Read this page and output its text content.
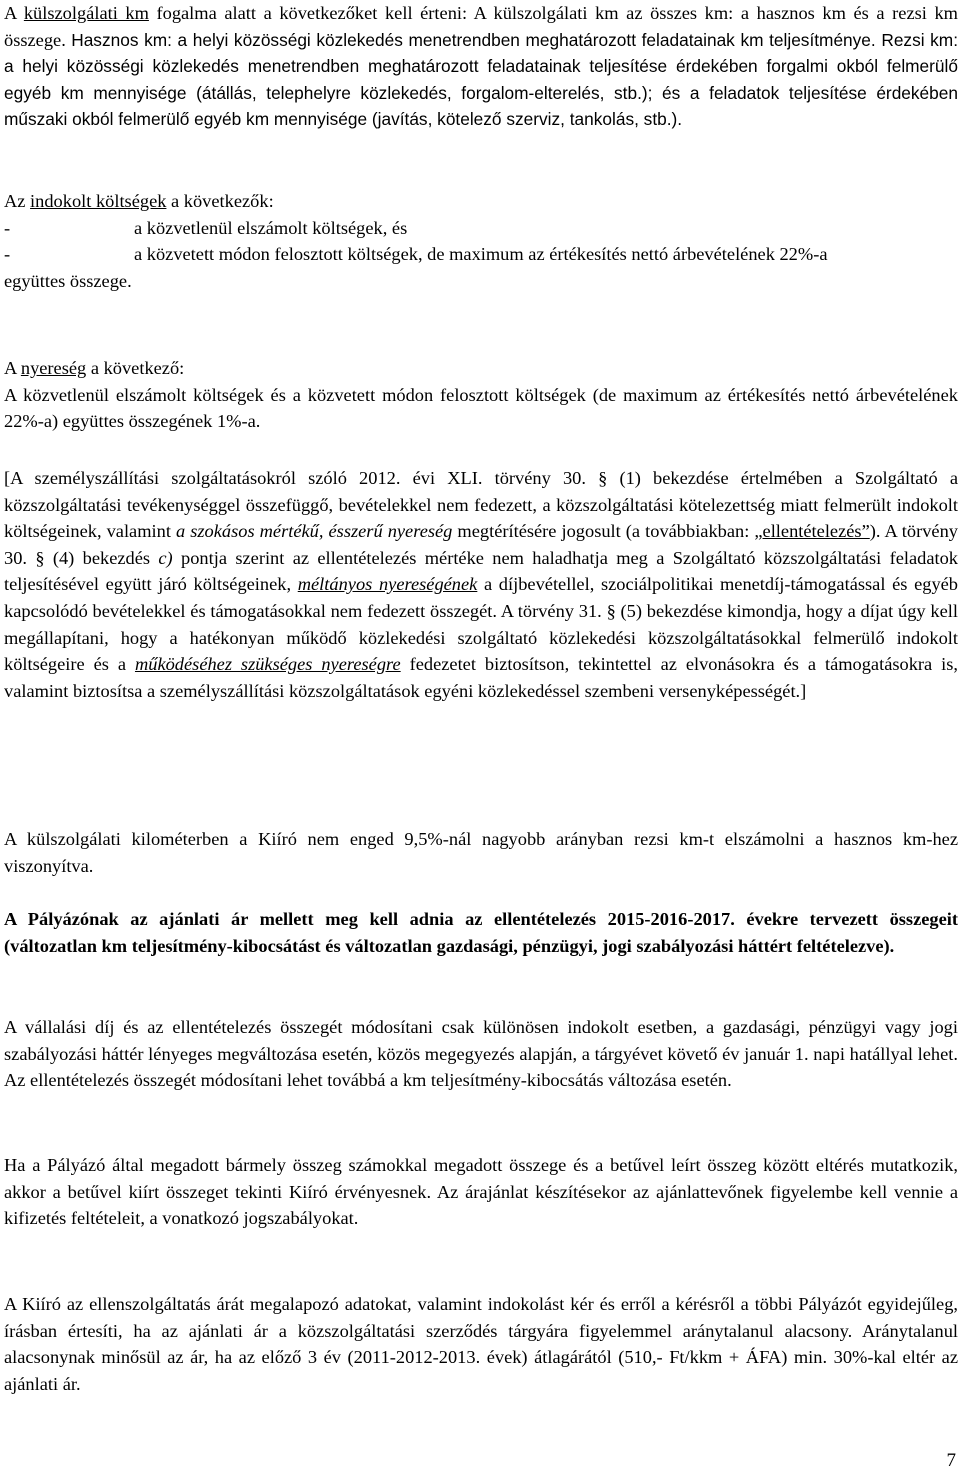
A külszolgálati km fogalma alatt a következőket kell érteni: A külszolgálati km az összes km: a hasznos km és a rezsi km összege. Hasznos km: a helyi közösségi közlekedés menetrendben meghatározott feladatainak km teljesítménye. Rezsi km: a helyi közösségi közlekedés menetrendben meghatározott feladatainak teljesítése érdekében forgalmi okból felmerülő egyéb km mennyisége (átállás, telephelyre közlekedés, forgalom-elterelés, stb.); és a feladatok teljesítése érdekében műszaki okból felmerülő egyéb km mennyisége (javítás, kötelező szerviz, tankolás, stb.).

Az indokolt költségek a következők:

-	a közvetlenül elszámolt költségek, és
-	a közvetett módon felosztott költségek, de maximum az értékesítés nettó árbevételének 22%-a

együttes összege.

A nyereség a következő:

A közvetlenül elszámolt költségek és a közvetett módon felosztott költségek (de maximum az értékesítés nettó árbevételének 22%-a) együttes összegének 1%-a.

[A személyszállítási szolgáltatásokról szóló 2012. évi XLI. törvény 30. § (1) bekezdése értelmében a Szolgáltató a közszolgáltatási tevékenységgel összefüggő, bevételekkel nem fedezett, a közszolgáltatási kötelezettség miatt felmerült indokolt költségeinek, valamint a szokásos mértékű, ésszerű nyereség megtérítésére jogosult (a továbbiakban: „ellentételezés”). A törvény 30. § (4) bekezdés c) pontja szerint az ellentételezés mértéke nem haladhatja meg a Szolgáltató közszolgáltatási feladatok teljesítésével együtt járó költségeinek, méltányos nyereségének a díjbevétellel, szociálpolitikai menetdíj-támogatással és egyéb kapcsolódó bevételekkel és támogatásokkal nem fedezett összegét. A törvény 31. § (5) bekezdése kimondja, hogy a díjat úgy kell megállapítani, hogy a hatékonyan működő közlekedési szolgáltató közlekedési közszolgáltatásokkal felmerülő indokolt költségeire és a működéséhez szükséges nyereségre fedezetet biztosítson, tekintettel az elvonásokra és a támogatásokra is, valamint biztosítsa a személyszállítási közszolgáltatások egyéni közlekedéssel szembeni versenyképességét.]

A külszolgálati kilométerben a Kiíró nem enged 9,5%-nál nagyobb arányban rezsi km-t elszámolni a hasznos km-hez viszonyítva.

A Pályázónak az ajánlati ár mellett meg kell adnia az ellentételezés 2015-2016-2017. évekre tervezett összegeit (változatlan km teljesítmény-kibocsátást és változatlan gazdasági, pénzügyi, jogi szabályozási háttért feltételezve).

A vállalási díj és az ellentételezés összegét módosítani csak különösen indokolt esetben, a gazdasági, pénzügyi vagy jogi szabályozási háttér lényeges megváltozása esetén, közös megegyezés alapján, a tárgyévet követő év január 1. napi hatállyal lehet. Az ellentételezés összegét módosítani lehet továbbá a km teljesítmény-kibocsátás változása esetén.

Ha a Pályázó által megadott bármely összeg számokkal megadott összege és a betűvel leírt összeg között eltérés mutatkozik, akkor a betűvel kiírt összeget tekinti Kiíró érvényesnek. Az árajánlat készítésekor az ajánlattevőnek figyelembe kell vennie a kifizetés feltételeit, a vonatkozó jogszabályokat.

A Kiíró az ellenszolgáltatás árát megalapozó adatokat, valamint indokolást kér és erről a kérésről a többi Pályázót egyidejűleg, írásban értesíti, ha az ajánlati ár a közszolgáltatási szerződés tárgyára figyelemmel aránytalanul alacsony. Aránytalanul alacsonynak minősül az ár, ha az előző 3 év (2011-2012-2013. évek) átlagárától (510,- Ft/kkm + ÁFA) min. 30%-kal eltér az ajánlati ár.

7
